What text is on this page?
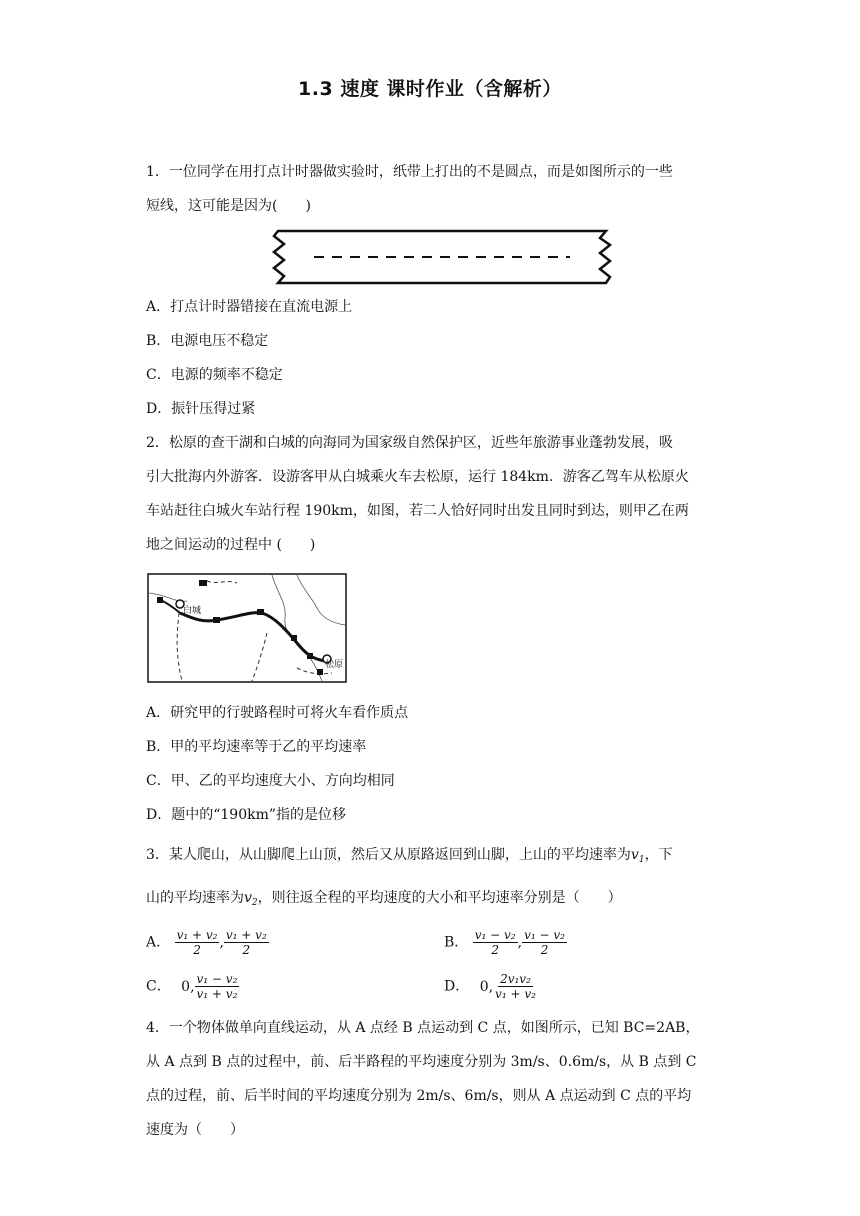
1.3 速度 课时作业（含解析）
1．一位同学在用打点计时器做实验时，纸带上打出的不是圆点，而是如图所示的一些
短线，这可能是因为(　　)
A．打点计时器错接在直流电源上
B．电源电压不稳定
C．电源的频率不稳定
D．振针压得过紧
2．松原的查干湖和白城的向海同为国家级自然保护区，近些年旅游事业蓬勃发展，吸
引大批海内外游客．设游客甲从白城乘火车去松原，运行 184km．游客乙驾车从松原火
车站赶往白城火车站行程 190km，如图，若二人恰好同时出发且同时到达，则甲乙在两
地之间运动的过程中 (　　)
白城
松原
A．研究甲的行驶路程时可将火车看作质点
B．甲的平均速率等于乙的平均速率
C．甲、乙的平均速度大小、方向均相同
D．题中的“190km”指的是位移
3．某人爬山，从山脚爬上山顶，然后又从原路返回到山脚，上山的平均速率为$v_1$，下
山的平均速率为$v_2$，则往返全程的平均速度的大小和平均速率分别是（　　）
A． $\frac{\text{v₁ + v₂}}{2}$ , $\frac{\text{v₁ + v₂}}{2}$	B． $\frac{\text{v₁ − v₂}}{2}$ , $\frac{\text{v₁ − v₂}}{2}$
C． 0, $\frac{\text{v₁ − v₂}}{\text{v₁ + v₂}}$	D． 0, $\frac{\text{2v₁v₂}}{\text{v₁ + v₂}}$
4．一个物体做单向直线运动，从 A 点经 B 点运动到 C 点，如图所示，已知 BC=2AB，
从 A 点到 B 点的过程中，前、后半路程的平均速度分别为 3m/s、0.6m/s，从 B 点到 C
点的过程，前、后半时间的平均速度分别为 2m/s、6m/s，则从 A 点运动到 C 点的平均
速度为（　　）
